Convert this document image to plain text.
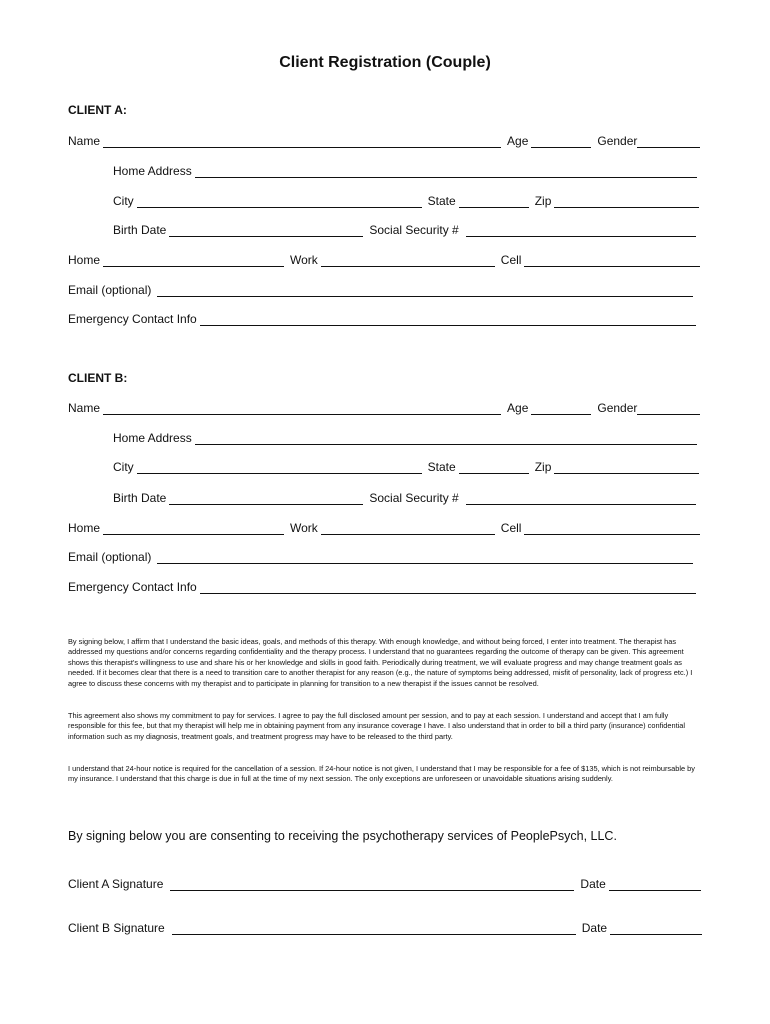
Client Registration (Couple)
CLIENT A:
Name	Age	Gender
Home Address
City	State	Zip
Birth Date	Social Security #
Home	Work	Cell
Email (optional)
Emergency Contact Info
CLIENT B:
Name	Age	Gender
Home Address
City	State	Zip
Birth Date	Social Security #
Home	Work	Cell
Email (optional)
Emergency Contact Info
By signing below, I affirm that I understand the basic ideas, goals, and methods of this therapy. With enough knowledge, and without being forced, I enter into treatment. The therapist has addressed my questions and/or concerns regarding confidentiality and the therapy process. I understand that no guarantees regarding the outcome of therapy can be given. This agreement shows this therapist's willingness to use and share his or her knowledge and skills in good faith. Periodically during treatment, we will evaluate progress and may change treatment goals as needed. If it becomes clear that there is a need to transition care to another therapist for any reason (e.g., the nature of symptoms being addressed, misfit of personality, lack of progress etc.) I agree to discuss these concerns with my therapist and to participate in planning for transition to a new therapist if the issues cannot be resolved.
This agreement also shows my commitment to pay for services. I agree to pay the full disclosed amount per session, and to pay at each session. I understand and accept that I am fully responsible for this fee, but that my therapist will help me in obtaining payment from any insurance coverage I have. I also understand that in order to bill a third party (insurance) confidential information such as my diagnosis, treatment goals, and treatment progress may have to be released to the third party.
I understand that 24-hour notice is required for the cancellation of a session. If 24-hour notice is not given, I understand that I may be responsible for a fee of $135, which is not reimbursable by my insurance. I understand that this charge is due in full at the time of my next session. The only exceptions are unforeseen or unavoidable situations arising suddenly.
By signing below you are consenting to receiving the psychotherapy services of PeoplePsych, LLC.
Client A Signature	Date
Client B Signature	Date
